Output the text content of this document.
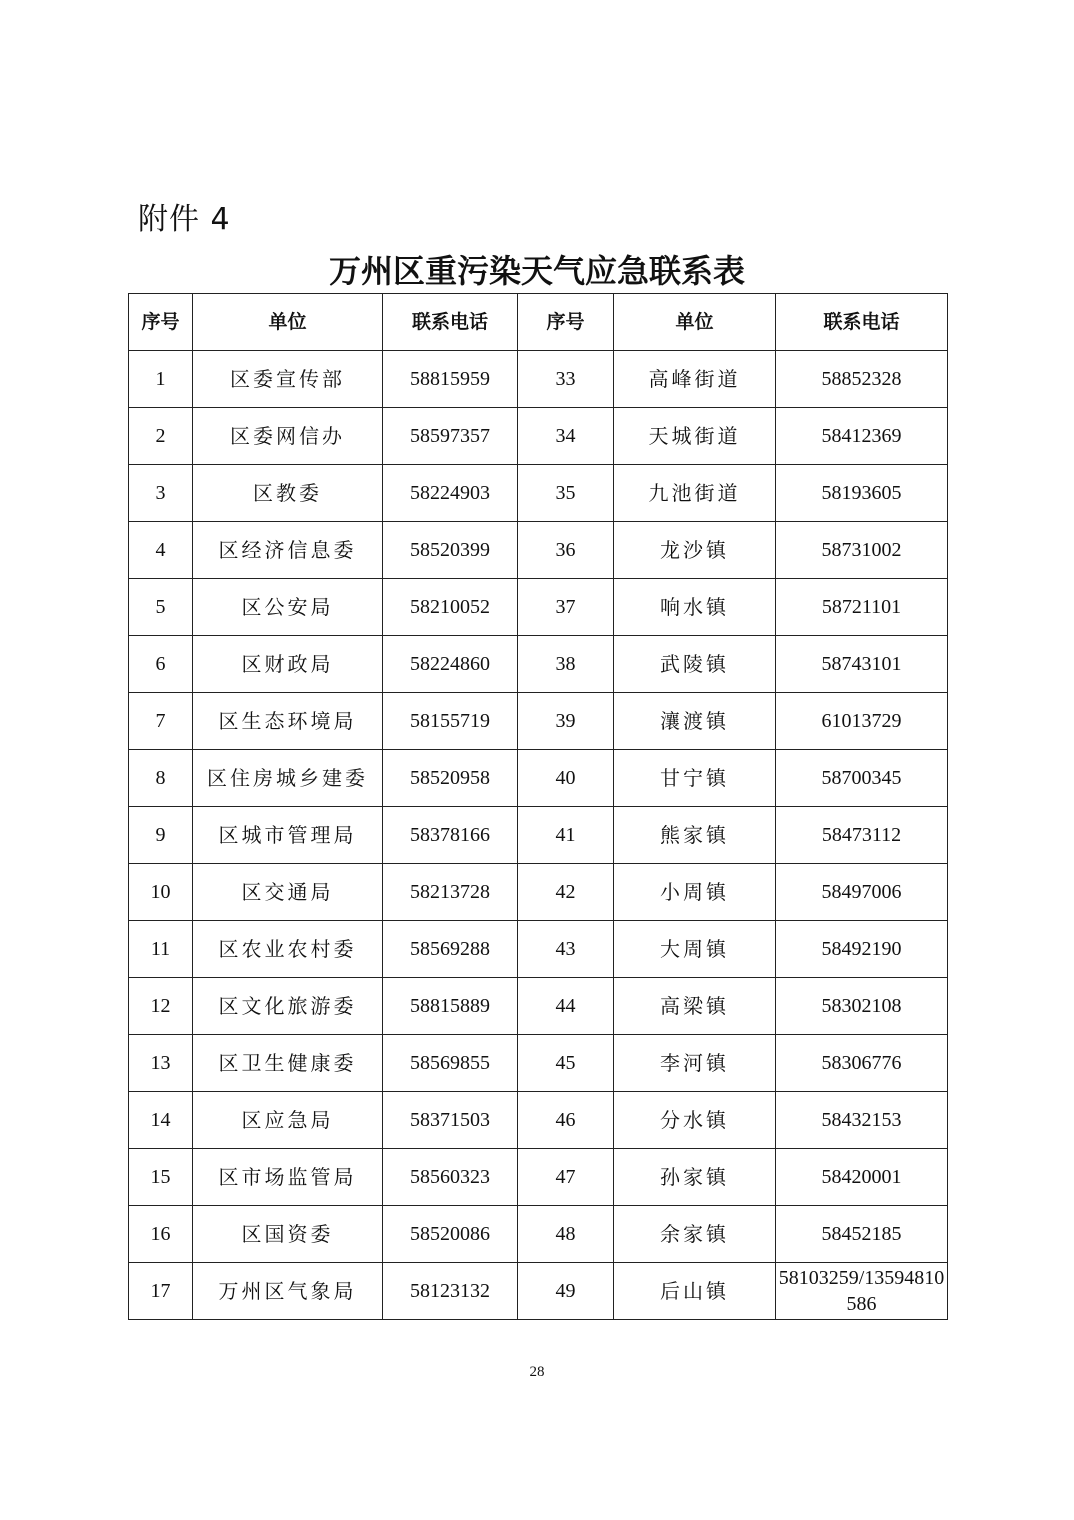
附件 4
万州区重污染天气应急联系表
序号	单位	联系电话	序号	单位	联系电话
1	区委宣传部	58815959	33	高峰街道	58852328
2	区委网信办	58597357	34	天城街道	58412369
3	区教委	58224903	35	九池街道	58193605
4	区经济信息委	58520399	36	龙沙镇	58731002
5	区公安局	58210052	37	响水镇	58721101
6	区财政局	58224860	38	武陵镇	58743101
7	区生态环境局	58155719	39	瀼渡镇	61013729
8	区住房城乡建委	58520958	40	甘宁镇	58700345
9	区城市管理局	58378166	41	熊家镇	58473112
10	区交通局	58213728	42	小周镇	58497006
11	区农业农村委	58569288	43	大周镇	58492190
12	区文化旅游委	58815889	44	高梁镇	58302108
13	区卫生健康委	58569855	45	李河镇	58306776
14	区应急局	58371503	46	分水镇	58432153
15	区市场监管局	58560323	47	孙家镇	58420001
16	区国资委	58520086	48	余家镇	58452185
17	万州区气象局	58123132	49	后山镇	58103259/13594810586
28
